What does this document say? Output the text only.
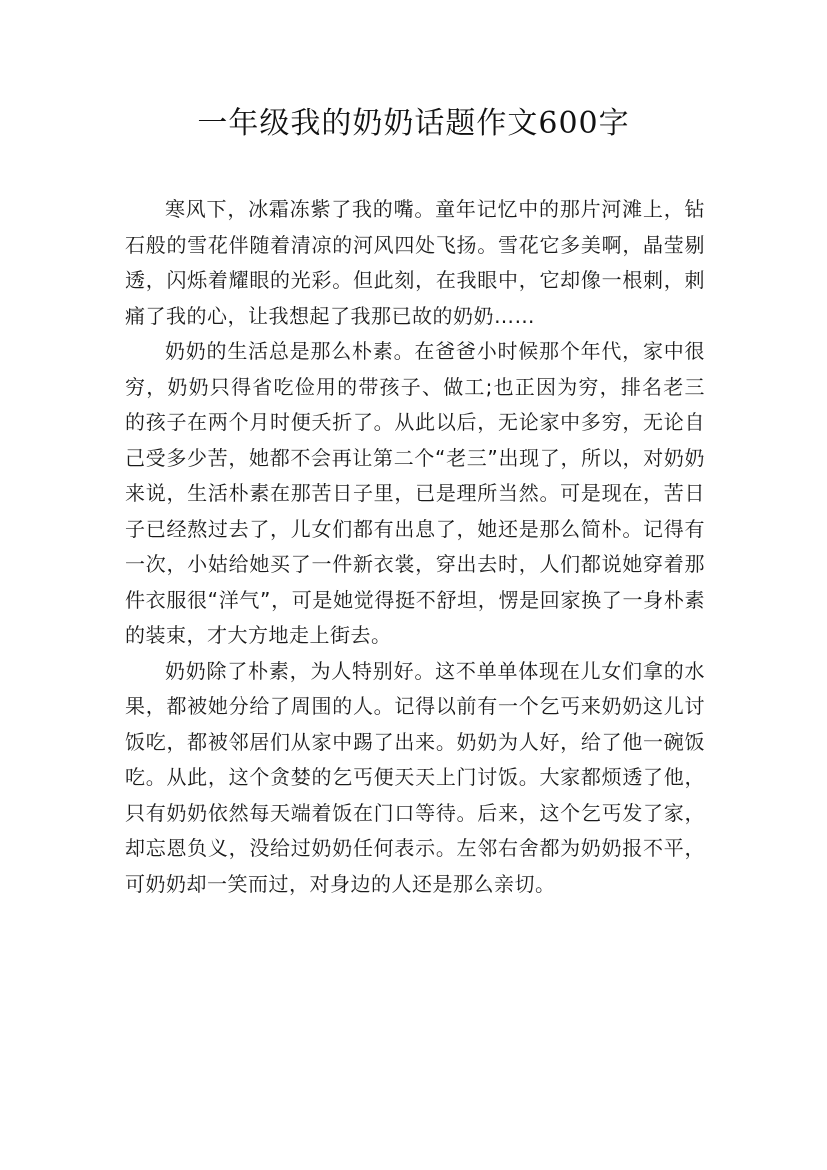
一年级我的奶奶话题作文600字

寒风下，冰霜冻紫了我的嘴。童年记忆中的那片河滩上，钻石般的雪花伴随着清凉的河风四处飞扬。雪花它多美啊，晶莹剔透，闪烁着耀眼的光彩。但此刻，在我眼中，它却像一根刺，刺痛了我的心，让我想起了我那已故的奶奶……

奶奶的生活总是那么朴素。在爸爸小时候那个年代，家中很穷，奶奶只得省吃俭用的带孩子、做工;也正因为穷，排名老三的孩子在两个月时便夭折了。从此以后，无论家中多穷，无论自己受多少苦，她都不会再让第二个“老三”出现了，所以，对奶奶来说，生活朴素在那苦日子里，已是理所当然。可是现在，苦日子已经熬过去了，儿女们都有出息了，她还是那么简朴。记得有一次，小姑给她买了一件新衣裳，穿出去时，人们都说她穿着那件衣服很“洋气”，可是她觉得挺不舒坦，愣是回家换了一身朴素的装束，才大方地走上街去。

奶奶除了朴素，为人特别好。这不单单体现在儿女们拿的水果，都被她分给了周围的人。记得以前有一个乞丐来奶奶这儿讨饭吃，都被邻居们从家中踢了出来。奶奶为人好，给了他一碗饭吃。从此，这个贪婪的乞丐便天天上门讨饭。大家都烦透了他，只有奶奶依然每天端着饭在门口等待。后来，这个乞丐发了家，却忘恩负义，没给过奶奶任何表示。左邻右舍都为奶奶报不平，可奶奶却一笑而过，对身边的人还是那么亲切。
